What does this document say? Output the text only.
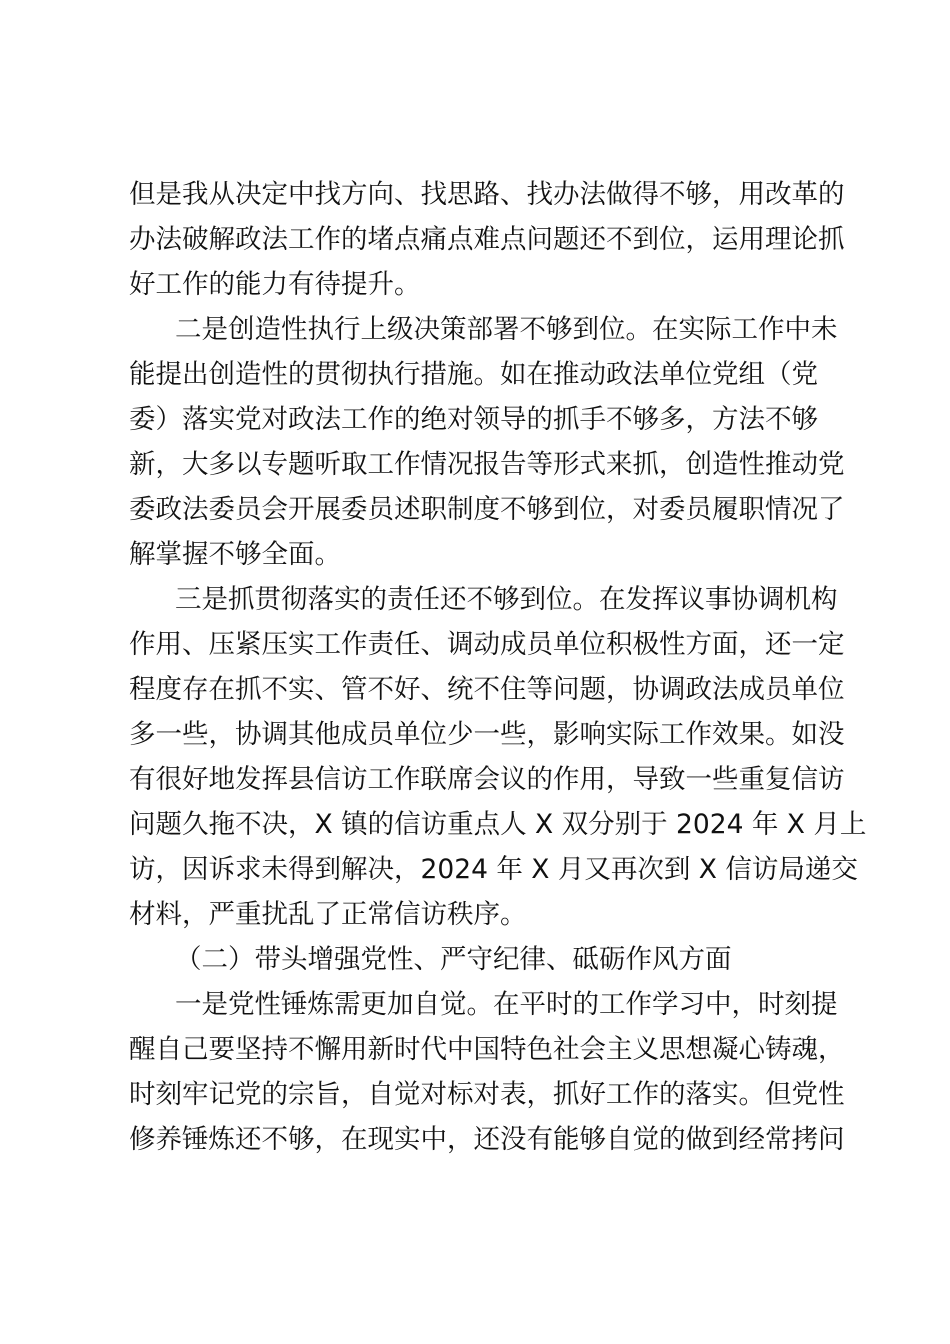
但是我从决定中找方向、找思路、找办法做得不够，用改革的
办法破解政法工作的堵点痛点难点问题还不到位，运用理论抓
好工作的能力有待提升。
二是创造性执行上级决策部署不够到位。在实际工作中未
能提出创造性的贯彻执行措施。如在推动政法单位党组（党
委）落实党对政法工作的绝对领导的抓手不够多，方法不够
新，大多以专题听取工作情况报告等形式来抓，创造性推动党
委政法委员会开展委员述职制度不够到位，对委员履职情况了
解掌握不够全面。
三是抓贯彻落实的责任还不够到位。在发挥议事协调机构
作用、压紧压实工作责任、调动成员单位积极性方面，还一定
程度存在抓不实、管不好、统不住等问题，协调政法成员单位
多一些，协调其他成员单位少一些，影响实际工作效果。如没
有很好地发挥县信访工作联席会议的作用，导致一些重复信访
问题久拖不决，X 镇的信访重点人 X 双分别于 2024 年 X 月上
访，因诉求未得到解决，2024 年 X 月又再次到 X 信访局递交
材料，严重扰乱了正常信访秩序。
（二）带头增强党性、严守纪律、砥砺作风方面
一是党性锤炼需更加自觉。在平时的工作学习中，时刻提
醒自己要坚持不懈用新时代中国特色社会主义思想凝心铸魂，
时刻牢记党的宗旨，自觉对标对表，抓好工作的落实。但党性
修养锤炼还不够，在现实中，还没有能够自觉的做到经常拷问
